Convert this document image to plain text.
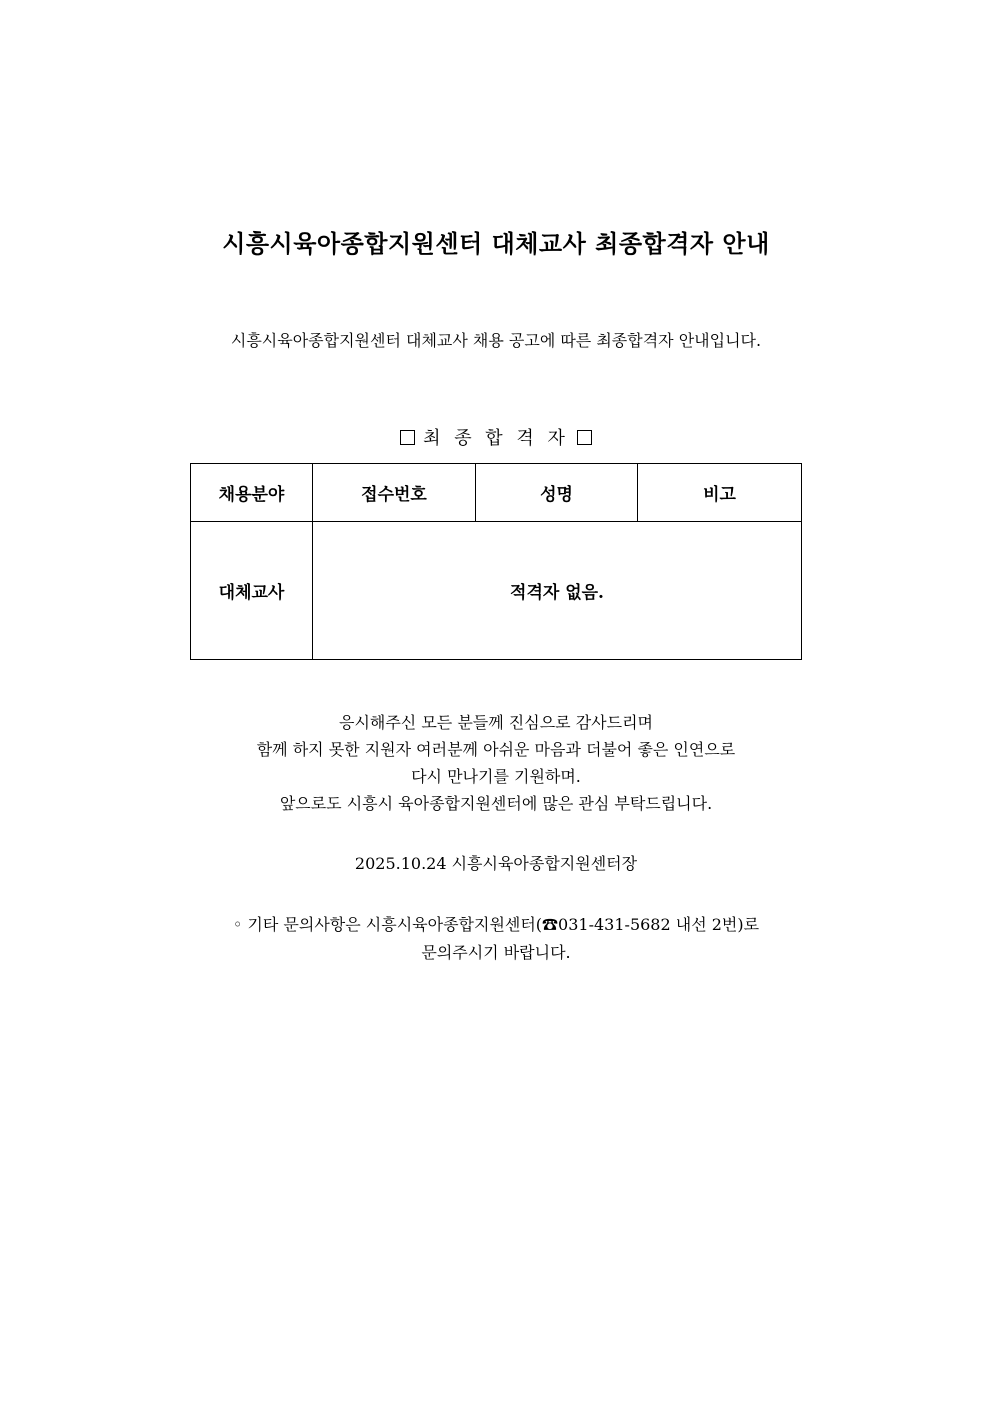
시흥시육아종합지원센터 대체교사 최종합격자 안내
시흥시육아종합지원센터 대체교사 채용 공고에 따른 최종합격자 안내입니다.
최 종 합 격 자
채용분야	접수번호	성명	비고
대체교사	적격자 없음.		
응시해주신 모든 분들께 진심으로 감사드리며
함께 하지 못한 지원자 여러분께 아쉬운 마음과 더불어 좋은 인연으로
다시 만나기를 기원하며.
앞으로도 시흥시 육아종합지원센터에 많은 관심 부탁드립니다.
2025.10.24 시흥시육아종합지원센터장
◦ 기타 문의사항은 시흥시육아종합지원센터(☎031-431-5682 내선 2번)로
문의주시기 바랍니다.
